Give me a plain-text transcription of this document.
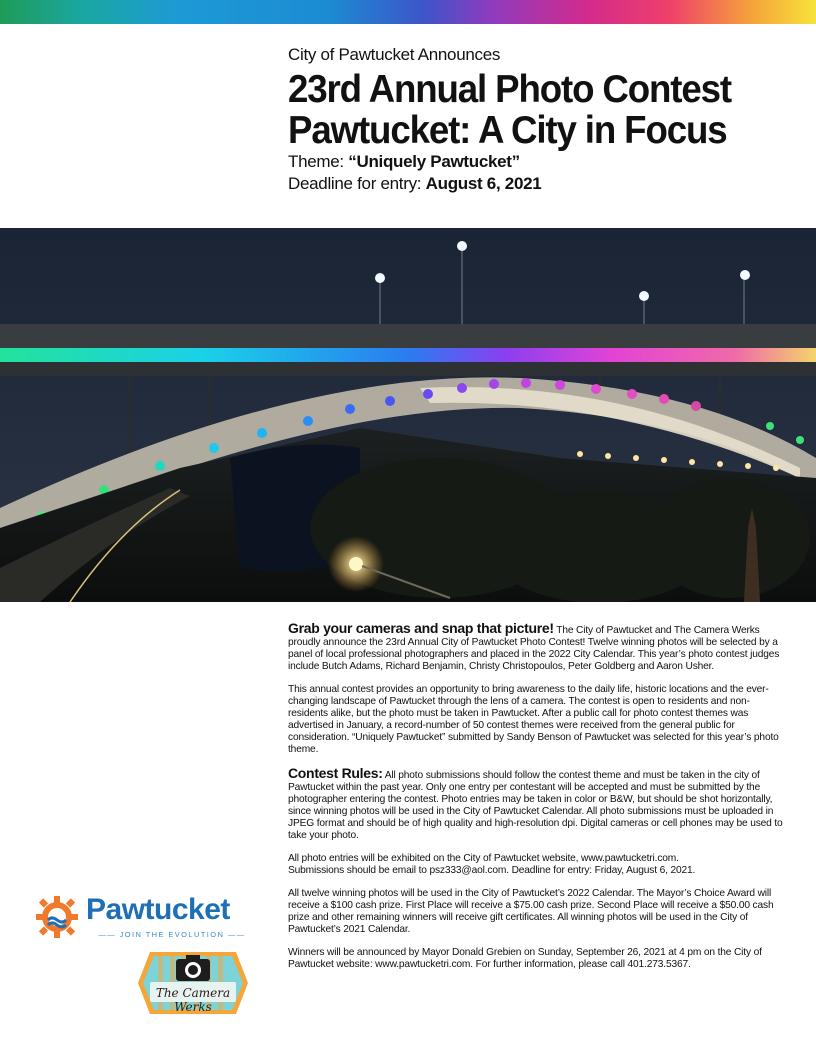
City of Pawtucket Announces
23rd Annual Photo Contest
Pawtucket: A City in Focus
Theme: “Uniquely Pawtucket”
Deadline for entry: August 6, 2021

Grab your cameras and snap that picture! The City of Pawtucket and The Camera Werks proudly announce the 23rd Annual City of Pawtucket Photo Contest! Twelve winning photos will be selected by a panel of local professional photographers and placed in the 2022 City Calendar. This year’s photo contest judges include Butch Adams, Richard Benjamin, Christy Christopoulos, Peter Goldberg and Aaron Usher.

This annual contest provides an opportunity to bring awareness to the daily life, historic locations and the ever-changing landscape of Pawtucket through the lens of a camera. The contest is open to residents and non-residents alike, but the photo must be taken in Pawtucket. After a public call for photo contest themes was advertised in January, a record-number of 50 contest themes were received from the general public for consideration. “Uniquely Pawtucket” submitted by Sandy Benson of Pawtucket was selected for this year’s photo theme.

Contest Rules: All photo submissions should follow the contest theme and must be taken in the city of Pawtucket within the past year. Only one entry per contestant will be accepted and must be submitted by the photographer entering the contest. Photo entries may be taken in color or B&W, but should be shot horizontally, since winning photos will be used in the City of Pawtucket Calendar. All photo submissions must be uploaded in JPEG format and should be of high quality and high-resolution dpi. Digital cameras or cell phones may be used to take your photo.

All photo entries will be exhibited on the City of Pawtucket website, www.pawtucketri.com.
Submissions should be email to psz333@aol.com. Deadline for entry: Friday, August 6, 2021.

All twelve winning photos will be used in the City of Pawtucket’s 2022 Calendar. The Mayor’s Choice Award will receive a $100 cash prize. First Place will receive a $75.00 cash prize. Second Place will receive a $50.00 cash prize and other remaining winners will receive gift certificates. All winning photos will be used in the City of Pawtucket’s 2021 Calendar.

Winners will be announced by Mayor Donald Grebien on Sunday, September 26, 2021 at 4 pm on the City of Pawtucket website: www.pawtucketri.com. For further information, please call 401.273.5367.

Pawtucket
—— JOIN THE EVOLUTION ——
The Camera Werks
